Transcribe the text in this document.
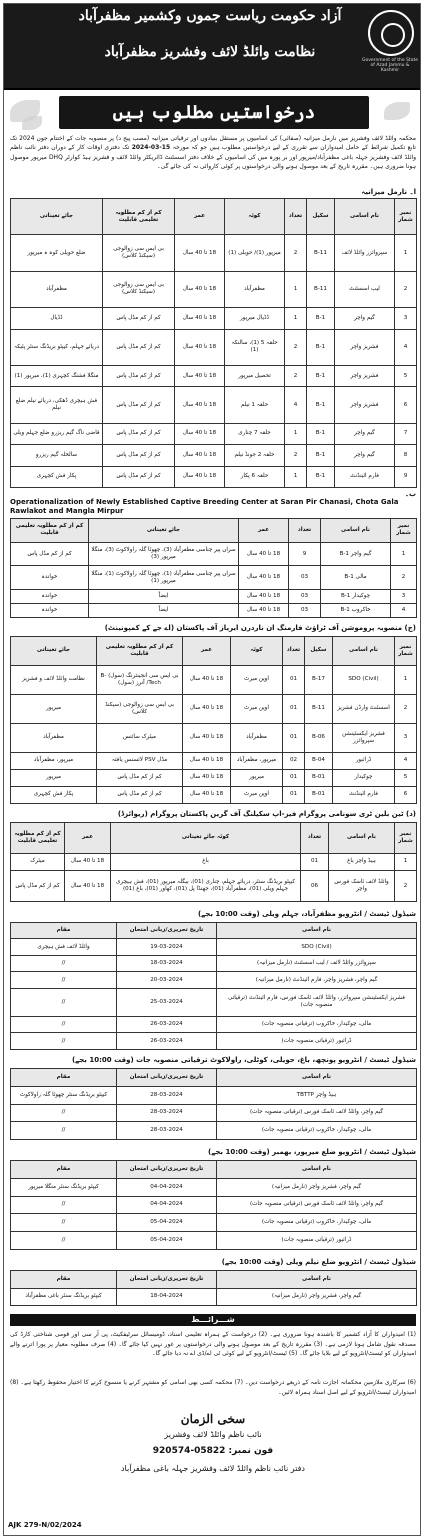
Government of the State of Azad Jammu & Kashmir
آزاد حکومت ریاست جموں وکشمیر مظفرآباد
نظامت وائلڈ لائف وفشریز مظفرآباد
درخواستیں مطلوب ہیں
محکمہ وائلڈ لائف وفشریز میں نارمل میزانیہ (صفائی) کی اسامیوں پر مستقل بنیادوں اور ترقیاتی میزانیہ (مصب پیج د) پر منصوبہ جات کے اختتام جون 2024 تک تابع تکمیل شرائط کے حامل امیدواران سے تقرری کے لیے درخواستیں مطلوب ہیں جو کہ مورخہ 15-03-2024 تک دفتری اوقات کار کے دوران دفتر نائب ناظم وائلڈ لائف وفشریز جہلہ باغی مظفرآباد/میرپور اور بر پورہ میں کی اسامیوں کے خلاف دفتر اسسٹنٹ ڈائریکٹر وائلڈ لائف و فشریز ہیڈ کوارٹر DHQ میرپور موصول ہونا ضروری ہیں۔ مقررہ تاریخ کے بعد موصول ہونے والی درخواستوں پر کوئی کاروائی نہ کی جائے گی۔
ا۔ نارمل میزانیہ
نمبر شمار	نام اسامی	سکیل	تعداد	کوٹہ	عمر	کم از کم مطلوبہ تعلیمی قابلیت	جائے تعیناتی
1	سپروائزر وائلڈ لائف	B-11	2	میرپور (1)/ حویلی (1)	18 تا 40 سال	بی ایس سی زوالوجی (سیکنڈ کلاس)	ضلع حویلی کوہ ہ میرپور
2	لیب اسسٹنٹ	B-11	1	مظفرآباد	18 تا 40 سال	بی ایس سی زوالوجی (سیکنڈ کلاس)	مظفرآباد
3	گیم واچر	B-1	1	ڈڈیال میرپور	18 تا 40 سال	کم از کم مڈل پاس	ڈڈیال
4	فشریز واچر	B-1	2	حلقہ 5 (1)، سالنکہ (1)	18 تا 40 سال	کم از کم مڈل پاس	دریائے جہلم، کیپٹو بریڈنگ سنٹر پٹیکہ
5	فشریز واچر	B-1	2	تحصیل میرپور	18 تا 40 سال	کم از کم مڈل پاس	منگلا فشنگ کچہری (1)، میرپور (1)
6	فشریز واچر	B-1	4	حلقہ 1 نیلم	18 تا 40 سال	کم از کم مڈل پاس	فش ہیچری ڈھکی، دریائے نیلم ضلع نیلم
7	گیم واچر	B-1	1	حلقہ 7 چناری	18 تا 40 سال	کم از کم مڈل پاس	قاضی ناگ گیم ریزرو ضلع جہلم ویلی
8	گیم واچر	B-1	2	حلقہ 2 جونڈ نیلم	18 تا 40 سال	کم از کم مڈل پاس	سالخلہ گیم ریزرو
9	فارم اٹینڈنٹ	B-1	1	حلقہ 6 پکار	18 تا 40 سال	کم از کم مڈل پاس	پکار فش کچہری
ب۔
Operationalization of Newly Established Captive Breeding Center at Saran Pir Chanasi, Chota Gala Rawlakot and Mangla Mirpur
نمبر شمار	نام اسامی	تعداد	عمر	جائے تعیناتی	کم از کم مطلوبہ تعلیمی قابلیت
1	گیم واچر B-1	9	18 تا 40 سال	سراں پیر چناسی مظفرآباد (3)، چھوٹا گلہ راولاکوٹ (3)، منگلا میرپور (3)	کم از کم مڈل پاس
2	مالی B-1	03	18 تا 40 سال	سراں پیر چناسی مظفرآباد (1)، چھوٹا گلہ راولاکوٹ (1)، منگلا میرپور (1)	خواندہ
3	چوکیدار B-1	03	18 تا 40 سال	ایضاً	خواندہ
4	خاکروب B-1	03	18 تا 40 سال	ایضاً	خواندہ
(ج) منصوبہ پروموشن آف ٹراؤٹ فارمنگ ان ناردرن ایریاز آف پاکستان (اے جے کے کمپونینٹ)
نمبر شمار	نام اسامی	سکیل	تعداد	کوٹہ	عمر	کم از کم مطلوبہ تعلیمی قابلیت	جائے تعیناتی
1	SDO (Civil)	B-17	01	اوپن میرٹ	18 تا 40 سال	بی ایس سی انجینئرنگ (سول) B-Tech/ آنرز (سول)	نظامت وائلڈ لائف و فشریز
2	اسسٹنٹ وارڈن فشریز	B-11	01	اوپن میرٹ	18 تا 40 سال	بی ایس سی زوالوجی (سیکنڈ کلاس)	میرپور
3	فشریز ایکسٹینشن سپروائزر	B-06	01	مظفرآباد	18 تا 40 سال	میٹرک سائنس	مظفرآباد
4	ڈرائیور	B-04	02	میرپور، مظفرآباد	18 تا 40 سال	مڈل PSV لائسنس یافتہ	میرپور، مظفرآباد
5	چوکیدار	B-01	01	میرپور	18 تا 40 سال	کم از کم مڈل پاس	میرپور
6	فارم اٹینڈنٹ	B-01	01	اوپن میرٹ	18 تا 40 سال	کم از کم مڈل پاس	پکار فش کچہری
(د) ٹین بلین ٹری سونامی پروگرام فیز-اپ سکیلنگ آف گرین پاکستان پروگرام (ریوائزڈ)
نمبر شمار	نام اسامی	تعداد	کوٹہ جائے تعیناتی	عمر	کم از کم مطلوبہ تعلیمی قابلیت
1	ہیڈ واچر باغ	01	باغ	18 تا 40 سال	میٹرک
2	وائلڈ لائف ٹاسک فورس واچر	06	کیپٹو بریڈنگ سنٹر، دریائے جہلم، چناری (01)، بیگلہ میرپور (01)، فش ہیچری جہلم ویلی (01)، مظفرآباد (01)، جھنڈا پل (01)، کھاور (01)، باغ (01)	18 تا 40 سال	کم از کم مڈل پاس
شیڈول ٹیسٹ / انٹرویو مظفرآباد، جہلم ویلی (وقت 10:00 بجے)
نام اسامی	تاریخ تحریری/زبانی امتحان	مقام
SDO (Civil)	19-03-2024	وائلڈ لائف فش ہیچری
سپروائزر وائلڈ لائف / لیب اسسٹنٹ (نارمل میزانیہ)	18-03-2024	//
گیم واچر، فشریز واچر، فارم اٹینڈنٹ (نارمل میزانیہ)	20-03-2024	//
فشریز ایکسٹینشن سپروائزر، وائلڈ لائف ٹاسک فورس، فارم اٹینڈنٹ (ترقیاتی منصوبہ جات)	25-03-2024	//
مالی، چوکیدار، خاکروب (ترقیاتی منصوبہ جات)	26-03-2024	//
ڈرائیور (ترقیاتی منصوبہ جات)	26-03-2024	//
شیڈول ٹیسٹ / انٹرویو پونچھ، باغ، حویلی، کوٹلی، راولاکوٹ ترقیاتی منصوبہ جات (وقت 10:00 بجے)
نام اسامی	تاریخ تحریری/زبانی امتحان	مقام
ہیڈ واچر TBTTP	28-03-2024	کیپٹو بریڈنگ سنٹر چھوٹا گلہ راولاکوٹ
گیم واچر، وائلڈ لائف ٹاسک فورس (ترقیاتی منصوبہ جات)	28-03-2024	//
مالی، چوکیدار، خاکروب (ترقیاتی منصوبہ جات)	28-03-2024	//
شیڈول ٹیسٹ / انٹرویو ضلع میرپور، بھمبر (وقت 10:00 بجے)
نام اسامی	تاریخ تحریری/زبانی امتحان	مقام
گیم واچر، فشریز واچر (نارمل میزانیہ)	04-04-2024	کیپٹو بریڈنگ سنٹر منگلا میرپور
گیم واچر، وائلڈ لائف ٹاسک فورس (ترقیاتی منصوبہ جات)	04-04-2024	//
مالی، چوکیدار، خاکروب (ترقیاتی منصوبہ جات)	05-04-2024	//
ڈرائیور (ترقیاتی منصوبہ جات)	05-04-2024	//
شیڈول ٹیسٹ / انٹرویو ضلع نیلم ویلی (وقت 10:00 بجے)
نام اسامی	تاریخ تحریری/زبانی امتحان	مقام
گیم واچر، فشریز واچر (نارمل میزانیہ)	18-04-2024	کیپٹو بریڈنگ سنٹر باغی مظفرآباد
شـــرائـــط
(1) امیدواران کا آزاد کشمیر کا باشندہ ہونا ضروری ہے۔ (2) درخواست کے ہمراہ تعلیمی اسناد، ڈومیسائل سرٹیفکیٹ، پی آر سی اور قومی شناختی کارڈ کی مصدقہ نقول شامل ہونا لازمی ہے۔ (3) مقررہ تاریخ کے بعد موصول ہونے والی درخواستوں پر غور نہیں کیا جائے گا۔ (4) صرف مطلوبہ معیار پر پورا اترنے والے امیدواران کو ٹیسٹ/انٹرویو کے لیے بلایا جائے گا۔ (5) ٹیسٹ/انٹرویو کے لیے کوئی ٹی اے/ڈی اے نہ دیا جائے گا۔
(6) سرکاری ملازمین محکمانہ اجازت نامہ کے ذریعے درخواست دیں۔ (7) محکمہ کسی بھی اسامی کو مشتہر کرنے یا منسوخ کرنے کا اختیار محفوظ رکھتا ہے۔ (8) امیدواران ٹیسٹ/انٹرویو کے لیے اصل اسناد ہمراہ لائیں۔
سخی الزمان
نائب ناظم وائلڈ لائف وفشریز
فون نمبر: 05822-920574
دفتر نائب ناظم وائلڈ لائف وفشریز جہلہ باغی مظفرآباد
AJK 279-N/02/2024
